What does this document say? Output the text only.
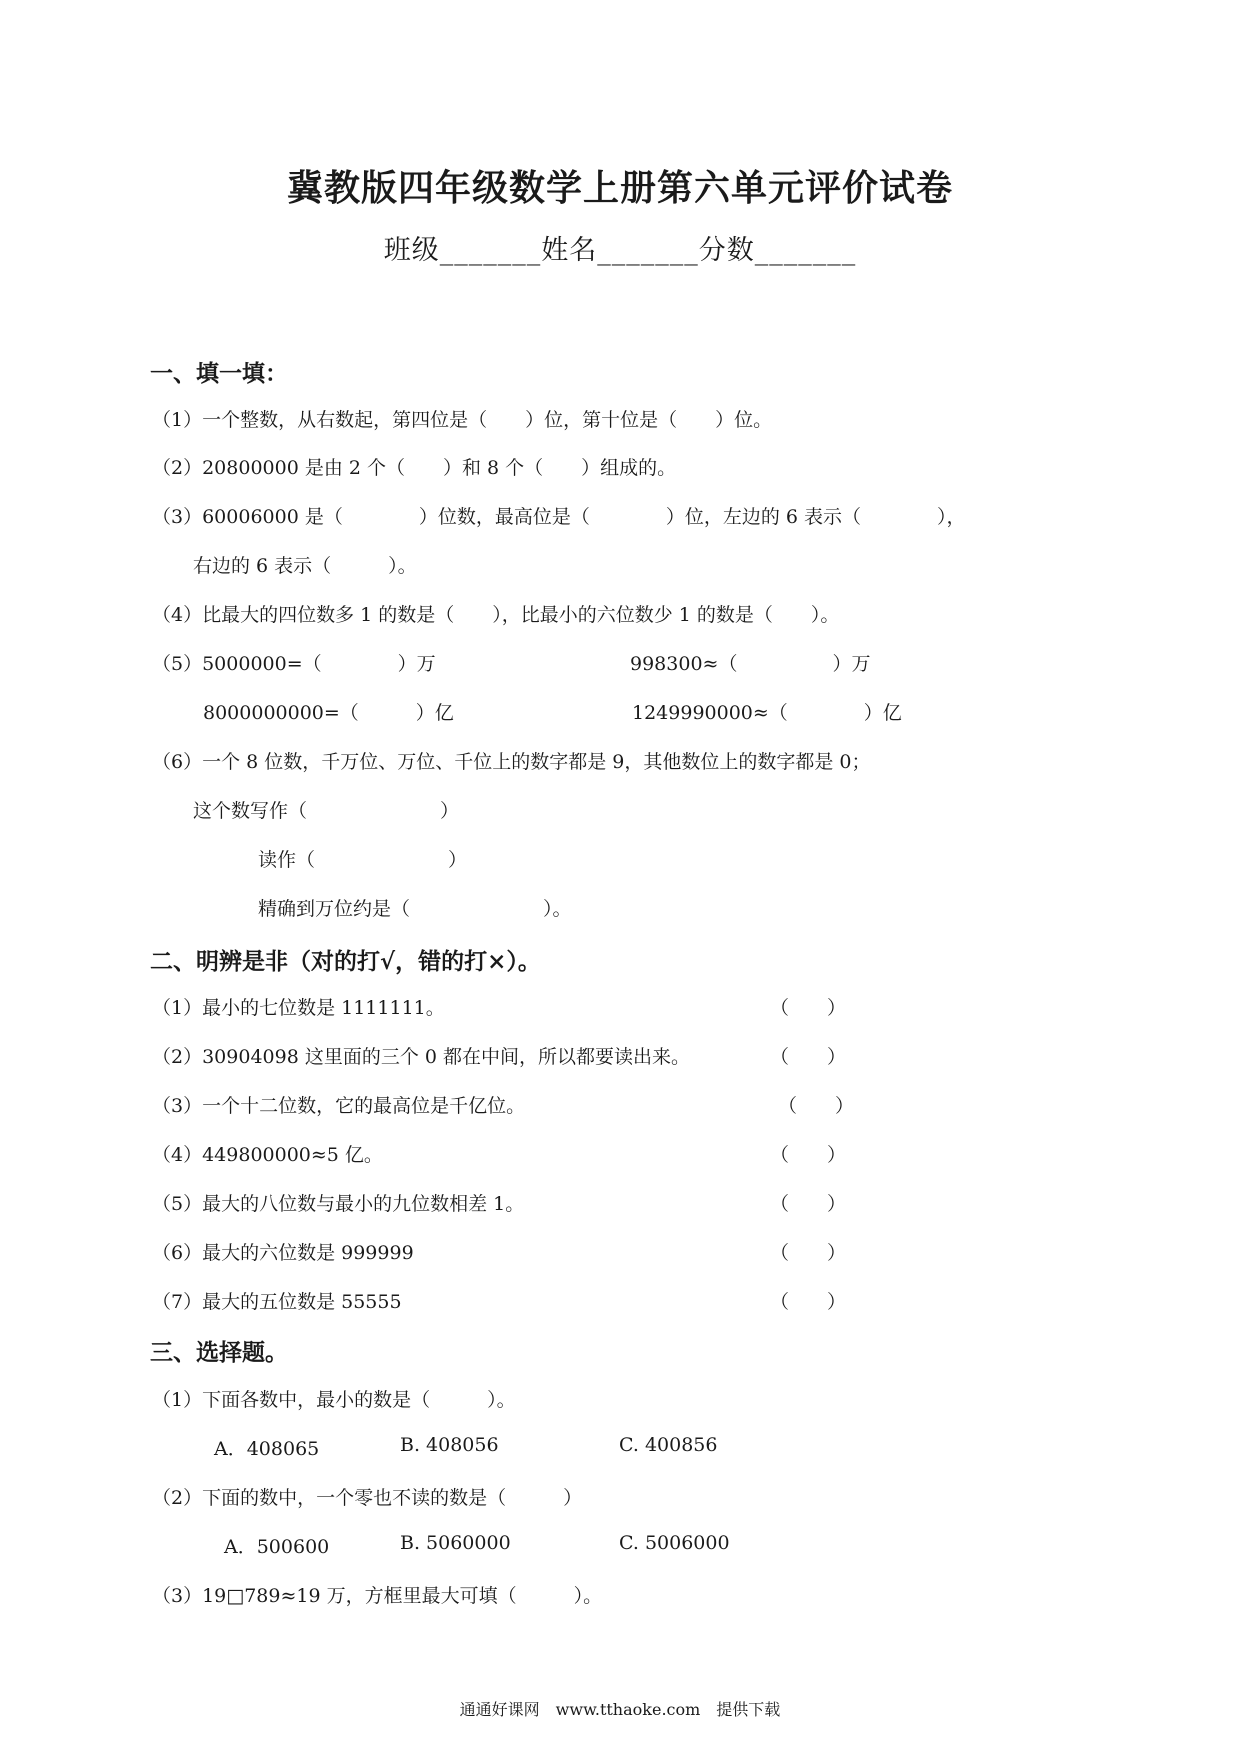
冀教版四年级数学上册第六单元评价试卷
班级_______姓名_______分数_______
一、填一填：
（1）一个整数，从右数起，第四位是（　　）位，第十位是（　　）位。
（2）20800000 是由 2 个（　　）和 8 个（　　）组成的。
（3）60006000 是（　　　　）位数，最高位是（　　　　）位，左边的 6 表示（　　　　），
右边的 6 表示（　　　）。
（4）比最大的四位数多 1 的数是（　　），比最小的六位数少 1 的数是（　　）。
（5）5000000=（　　　　）万	998300≈（　　　　　）万
8000000000=（　　　）亿	1249990000≈（　　　　）亿
（6）一个 8 位数，千万位、万位、千位上的数字都是 9，其他数位上的数字都是 0；
这个数写作（　　　　　　　）
读作（　　　　　　　）
精确到万位约是（　　　　　　　）。
二、明辨是非（对的打√，错的打×）。
（1）最小的七位数是 1111111。	（　　）
（2）30904098 这里面的三个 0 都在中间，所以都要读出来。	（　　）
（3）一个十二位数，它的最高位是千亿位。	（　　）
（4）449800000≈5 亿。	（　　）
（5）最大的八位数与最小的九位数相差 1。	（　　）
（6）最大的六位数是 999999	（　　）
（7）最大的五位数是 55555	（　　）
三、选择题。
（1）下面各数中，最小的数是（　　　）。
A．408065	B. 408056	C. 400856
（2）下面的数中，一个零也不读的数是（　　　）
A．500600	B. 5060000	C. 5006000
（3）19□789≈19 万，方框里最大可填（　　　）。
通通好课网　www.tthaoke.com　提供下载
